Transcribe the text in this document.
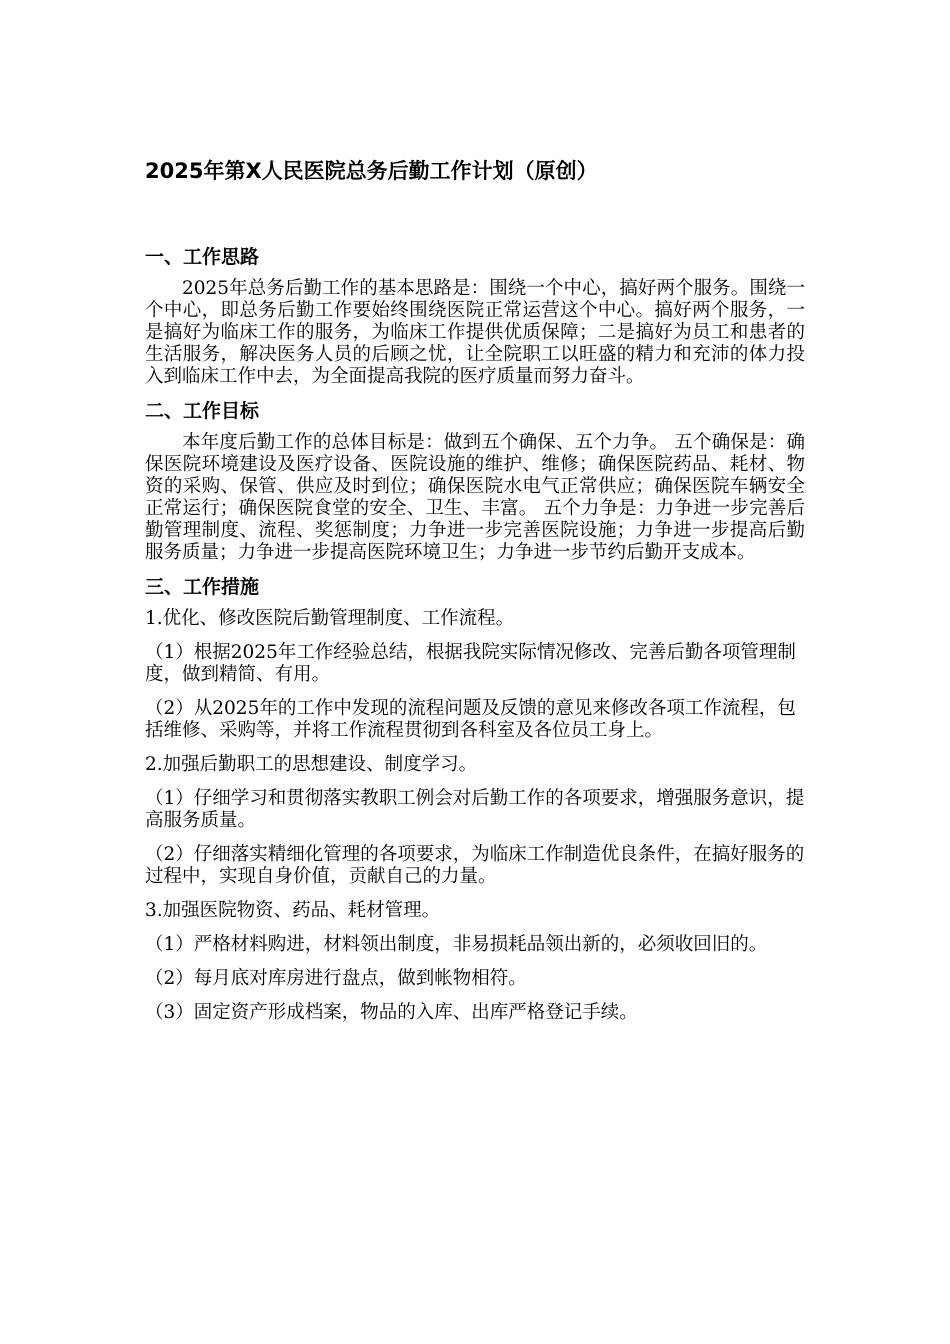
2025年第X人民医院总务后勤工作计划（原创）
一、工作思路

2025年总务后勤工作的基本思路是：围绕一个中心，搞好两个服务。围绕一个中心，即总务后勤工作要始终围绕医院正常运营这个中心。搞好两个服务，一是搞好为临床工作的服务，为临床工作提供优质保障；二是搞好为员工和患者的生活服务，解决医务人员的后顾之忧，让全院职工以旺盛的精力和充沛的体力投入到临床工作中去，为全面提高我院的医疗质量而努力奋斗。

二、工作目标

本年度后勤工作的总体目标是：做到五个确保、五个力争。 五个确保是：确保医院环境建设及医疗设备、医院设施的维护、维修；确保医院药品、耗材、物资的采购、保管、供应及时到位；确保医院水电气正常供应；确保医院车辆安全正常运行；确保医院食堂的安全、卫生、丰富。 五个力争是：力争进一步完善后勤管理制度、流程、奖惩制度；力争进一步完善医院设施；力争进一步提高后勤服务质量；力争进一步提高医院环境卫生；力争进一步节约后勤开支成本。

三、工作措施

1.优化、修改医院后勤管理制度、工作流程。

（1）根据2025年工作经验总结，根据我院实际情况修改、完善后勤各项管理制度，做到精简、有用。

（2）从2025年的工作中发现的流程问题及反馈的意见来修改各项工作流程，包括维修、采购等，并将工作流程贯彻到各科室及各位员工身上。

2.加强后勤职工的思想建设、制度学习。

（1）仔细学习和贯彻落实教职工例会对后勤工作的各项要求，增强服务意识，提高服务质量。

（2）仔细落实精细化管理的各项要求，为临床工作制造优良条件，在搞好服务的过程中，实现自身价值，贡献自己的力量。

3.加强医院物资、药品、耗材管理。

（1）严格材料购进，材料领出制度，非易损耗品领出新的，必须收回旧的。

（2）每月底对库房进行盘点，做到帐物相符。

（3）固定资产形成档案，物品的入库、出库严格登记手续。
